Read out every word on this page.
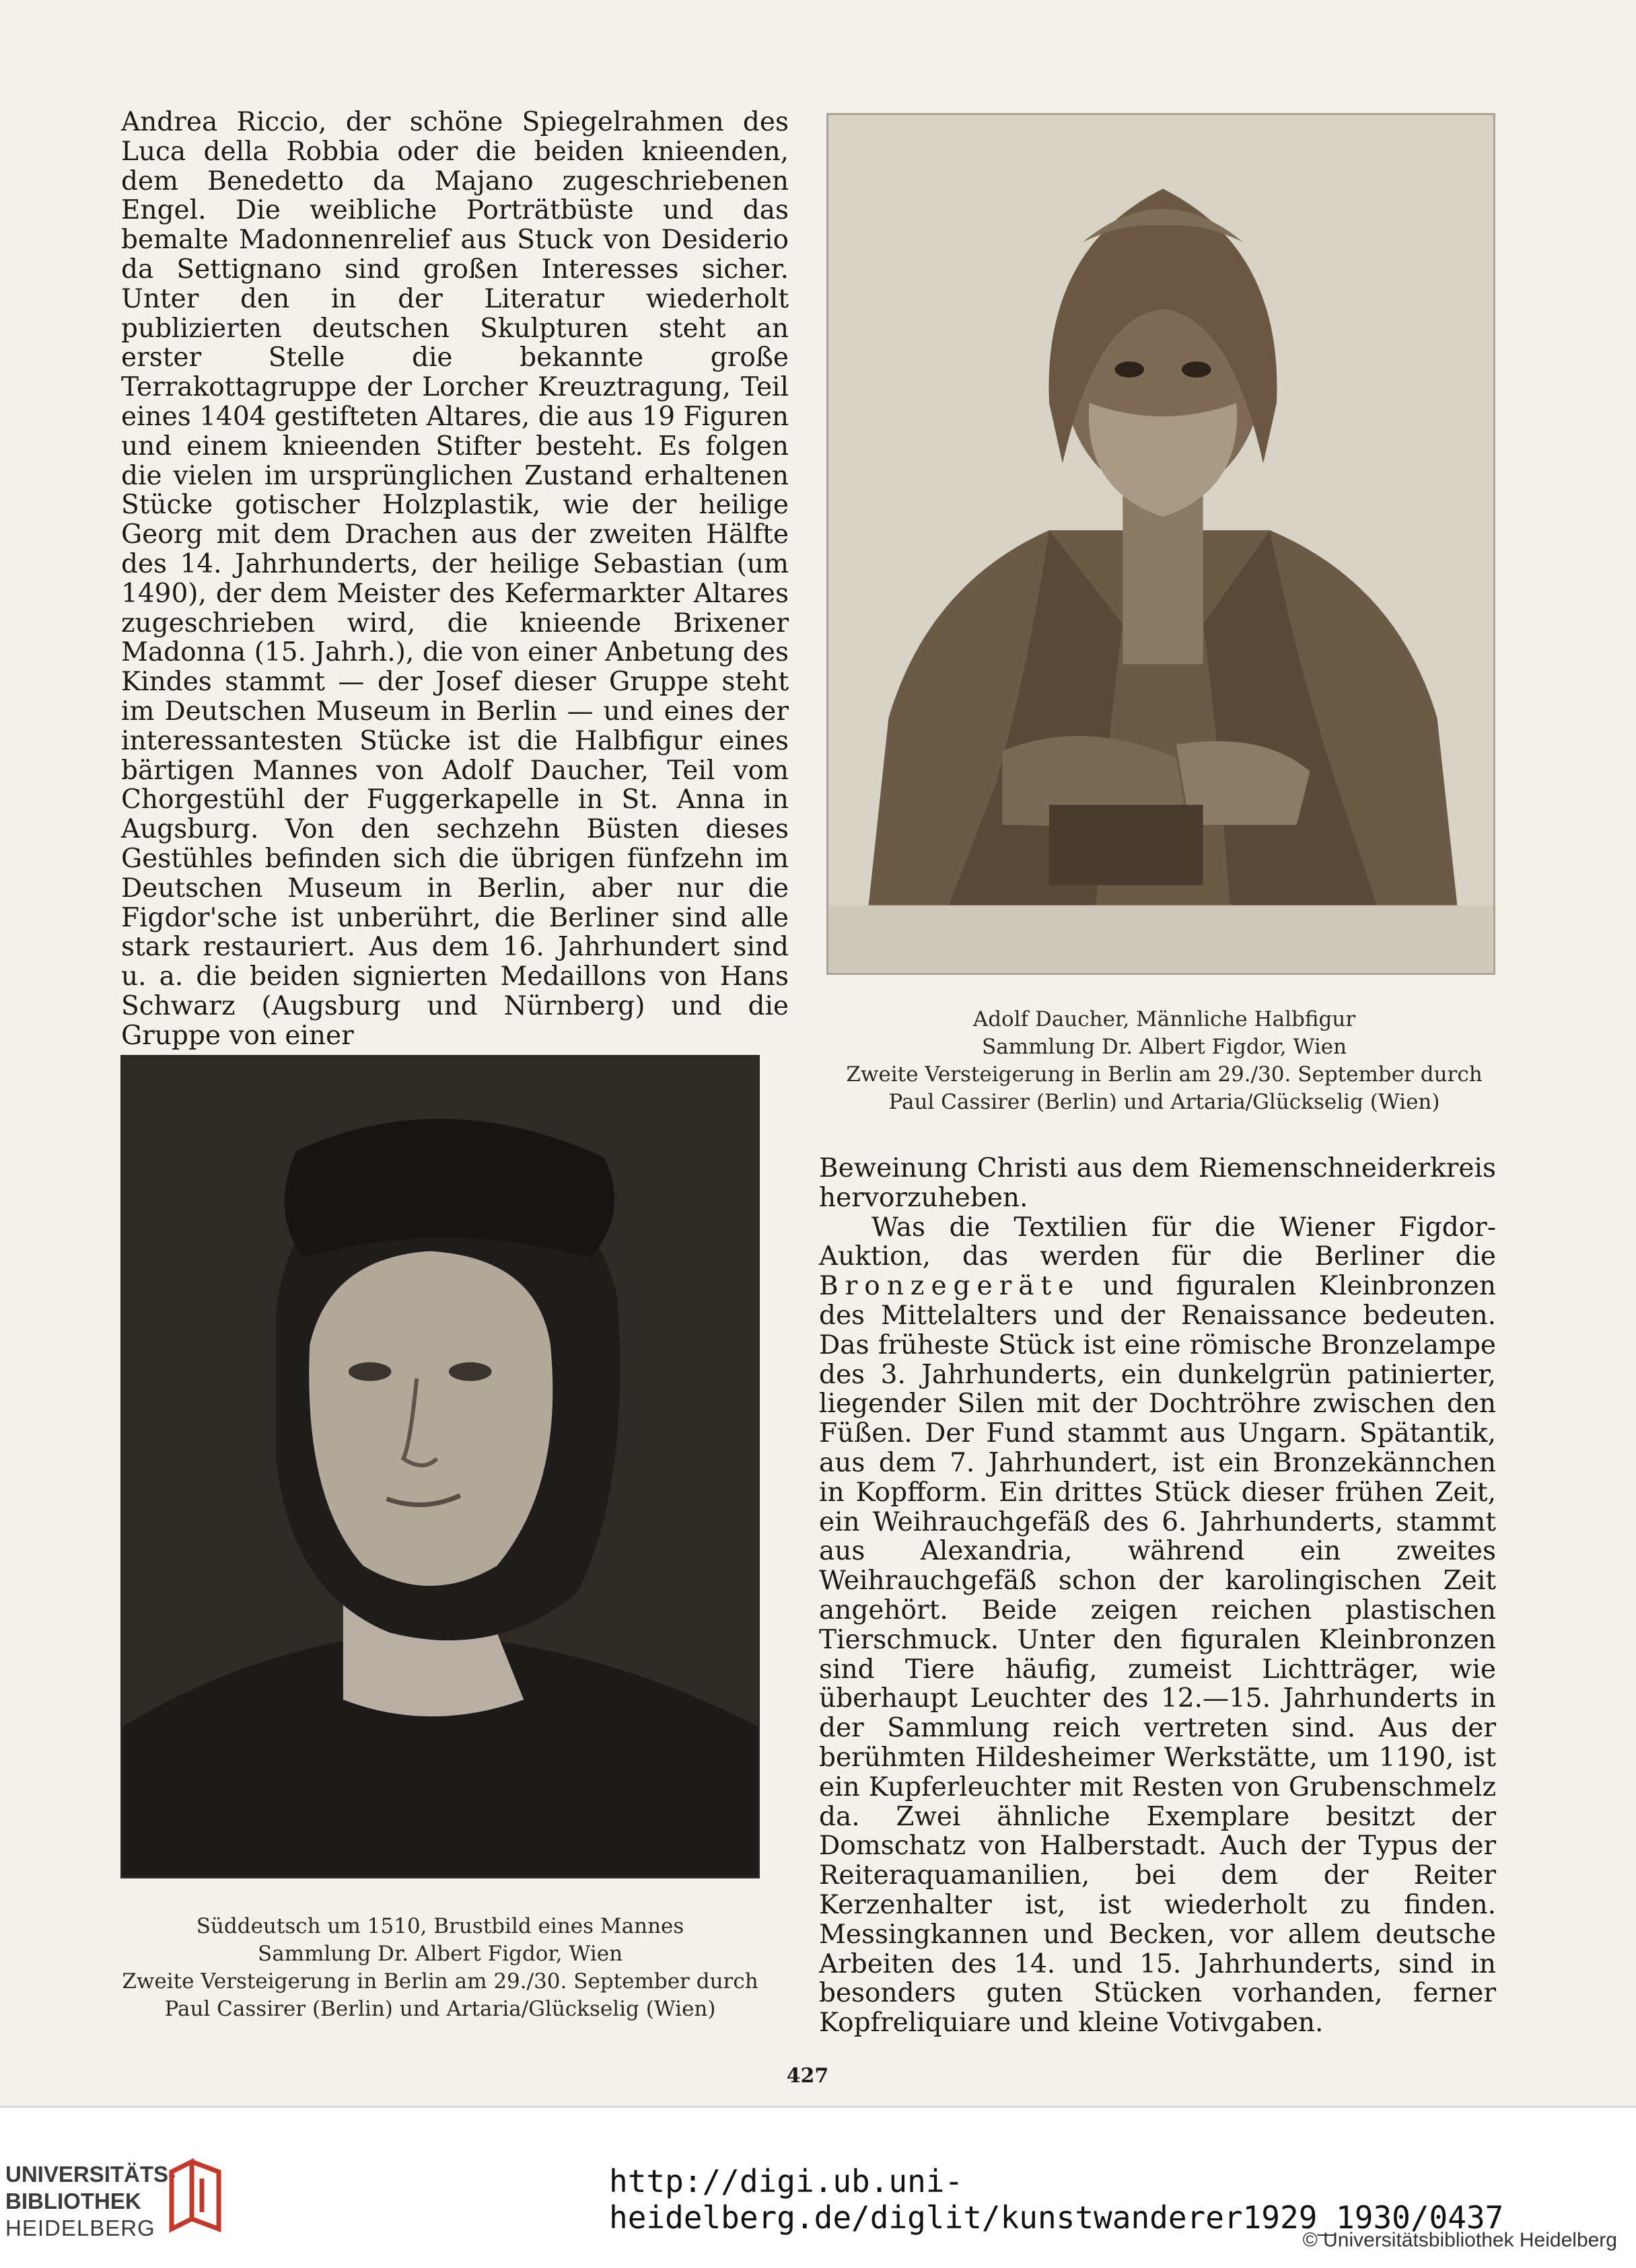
Andrea Riccio, der schöne Spiegelrahmen des Luca della Robbia oder die beiden knieenden, dem Benedetto da Majano zugeschriebenen Engel. Die weibliche Porträtbüste und das bemalte Madonnenrelief aus Stuck von Desiderio da Settignano sind großen Interesses sicher. Unter den in der Literatur wiederholt publizierten deutschen Skulpturen steht an erster Stelle die bekannte große Terrakottagruppe der Lorcher Kreuztragung, Teil eines 1404 gestifteten Altares, die aus 19 Figuren und einem knieenden Stifter besteht. Es folgen die vielen im ursprünglichen Zustand erhaltenen Stücke gotischer Holzplastik, wie der heilige Georg mit dem Drachen aus der zweiten Hälfte des 14. Jahrhunderts, der heilige Sebastian (um 1490), der dem Meister des Kefermarkter Altares zugeschrieben wird, die knieende Brixener Madonna (15. Jahrh.), die von einer Anbetung des Kindes stammt — der Josef dieser Gruppe steht im Deutschen Museum in Berlin — und eines der interessantesten Stücke ist die Halbfigur eines bärtigen Mannes von Adolf Daucher, Teil vom Chorgestühl der Fuggerkapelle in St. Anna in Augsburg. Von den sechzehn Büsten dieses Gestühles befinden sich die übrigen fünfzehn im Deutschen Museum in Berlin, aber nur die Figdor'sche ist unberührt, die Berliner sind alle stark restauriert. Aus dem 16. Jahrhundert sind u. a. die beiden signierten Medaillons von Hans Schwarz (Augsburg und Nürnberg) und die Gruppe von einer

Adolf Daucher, Männliche Halbfigur
Sammlung Dr. Albert Figdor, Wien
Zweite Versteigerung in Berlin am 29./30. September durch
Paul Cassirer (Berlin) und Artaria/Glückselig (Wien)

Süddeutsch um 1510, Brustbild eines Mannes
Sammlung Dr. Albert Figdor, Wien
Zweite Versteigerung in Berlin am 29./30. September durch
Paul Cassirer (Berlin) und Artaria/Glückselig (Wien)

Beweinung Christi aus dem Riemenschneiderkreis hervorzuheben.

Was die Textilien für die Wiener Figdor-Auktion, das werden für die Berliner die Bronzegeräte und figuralen Kleinbronzen des Mittelalters und der Renaissance bedeuten. Das früheste Stück ist eine römische Bronzelampe des 3. Jahrhunderts, ein dunkelgrün patinierter, liegender Silen mit der Dochtröhre zwischen den Füßen. Der Fund stammt aus Ungarn. Spätantik, aus dem 7. Jahrhundert, ist ein Bronzekännchen in Kopfform. Ein drittes Stück dieser frühen Zeit, ein Weihrauchgefäß des 6. Jahrhunderts, stammt aus Alexandria, während ein zweites Weihrauchgefäß schon der karolingischen Zeit angehört. Beide zeigen reichen plastischen Tierschmuck. Unter den figuralen Kleinbronzen sind Tiere häufig, zumeist Lichtträger, wie überhaupt Leuchter des 12.—15. Jahrhunderts in der Sammlung reich vertreten sind. Aus der berühmten Hildesheimer Werkstätte, um 1190, ist ein Kupferleuchter mit Resten von Grubenschmelz da. Zwei ähnliche Exemplare besitzt der Domschatz von Halberstadt. Auch der Typus der Reiteraquamanilien, bei dem der Reiter Kerzenhalter ist, ist wiederholt zu finden. Messingkannen und Becken, vor allem deutsche Arbeiten des 14. und 15. Jahrhunderts, sind in besonders guten Stücken vorhanden, ferner Kopfreliquiare und kleine Votivgaben.

427
UNIVERSITÄTS-
BIBLIOTHEK
HEIDELBERG
http://digi.ub.uni-heidelberg.de/diglit/kunstwanderer1929_1930/0437
© Universitätsbibliothek Heidelberg
